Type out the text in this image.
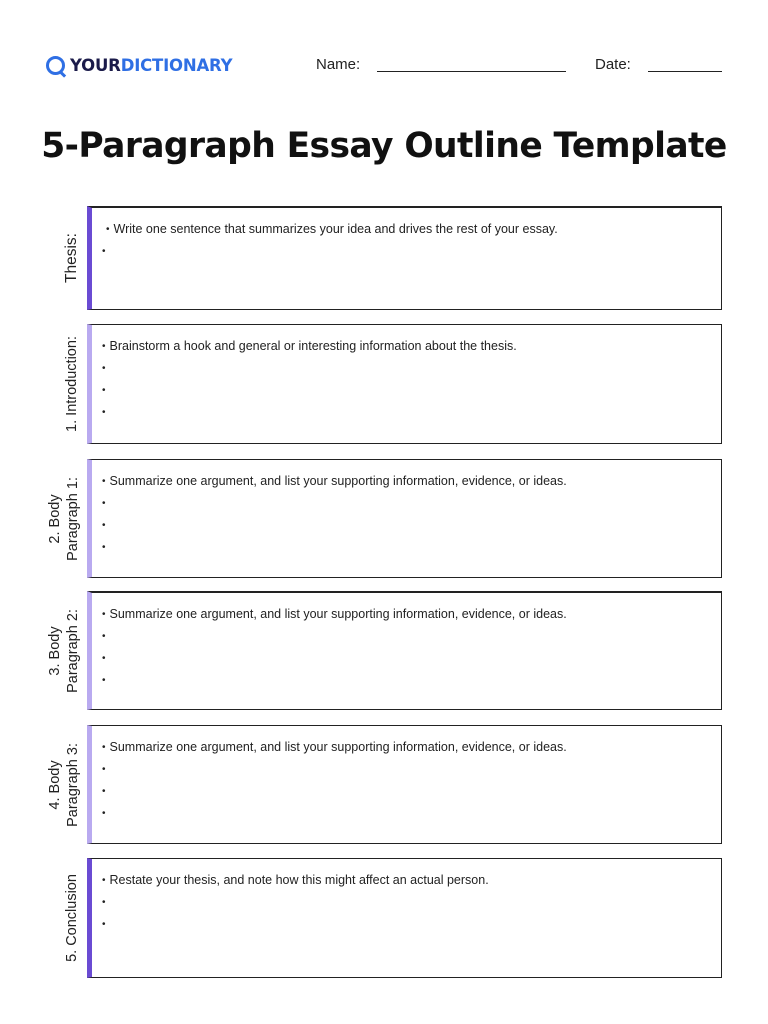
YOURDICTIONARY	Name:	Date:
5-Paragraph Essay Outline Template
Thesis:
• Write one sentence that summarizes your idea and drives the rest of your essay.
•
1. Introduction:	• Brainstorm a hook and general or interesting information about the thesis.
•
•
•
2. Body Paragraph 1:	• Summarize one argument, and list your supporting information, evidence, or ideas.
•
•
•
3. Body Paragraph 2:	• Summarize one argument, and list your supporting information, evidence, or ideas.
•
•
•
4. Body Paragraph 3:	• Summarize one argument, and list your supporting information, evidence, or ideas.
•
•
•
5. Conclusion	• Restate your thesis, and note how this might affect an actual person.
•
•
